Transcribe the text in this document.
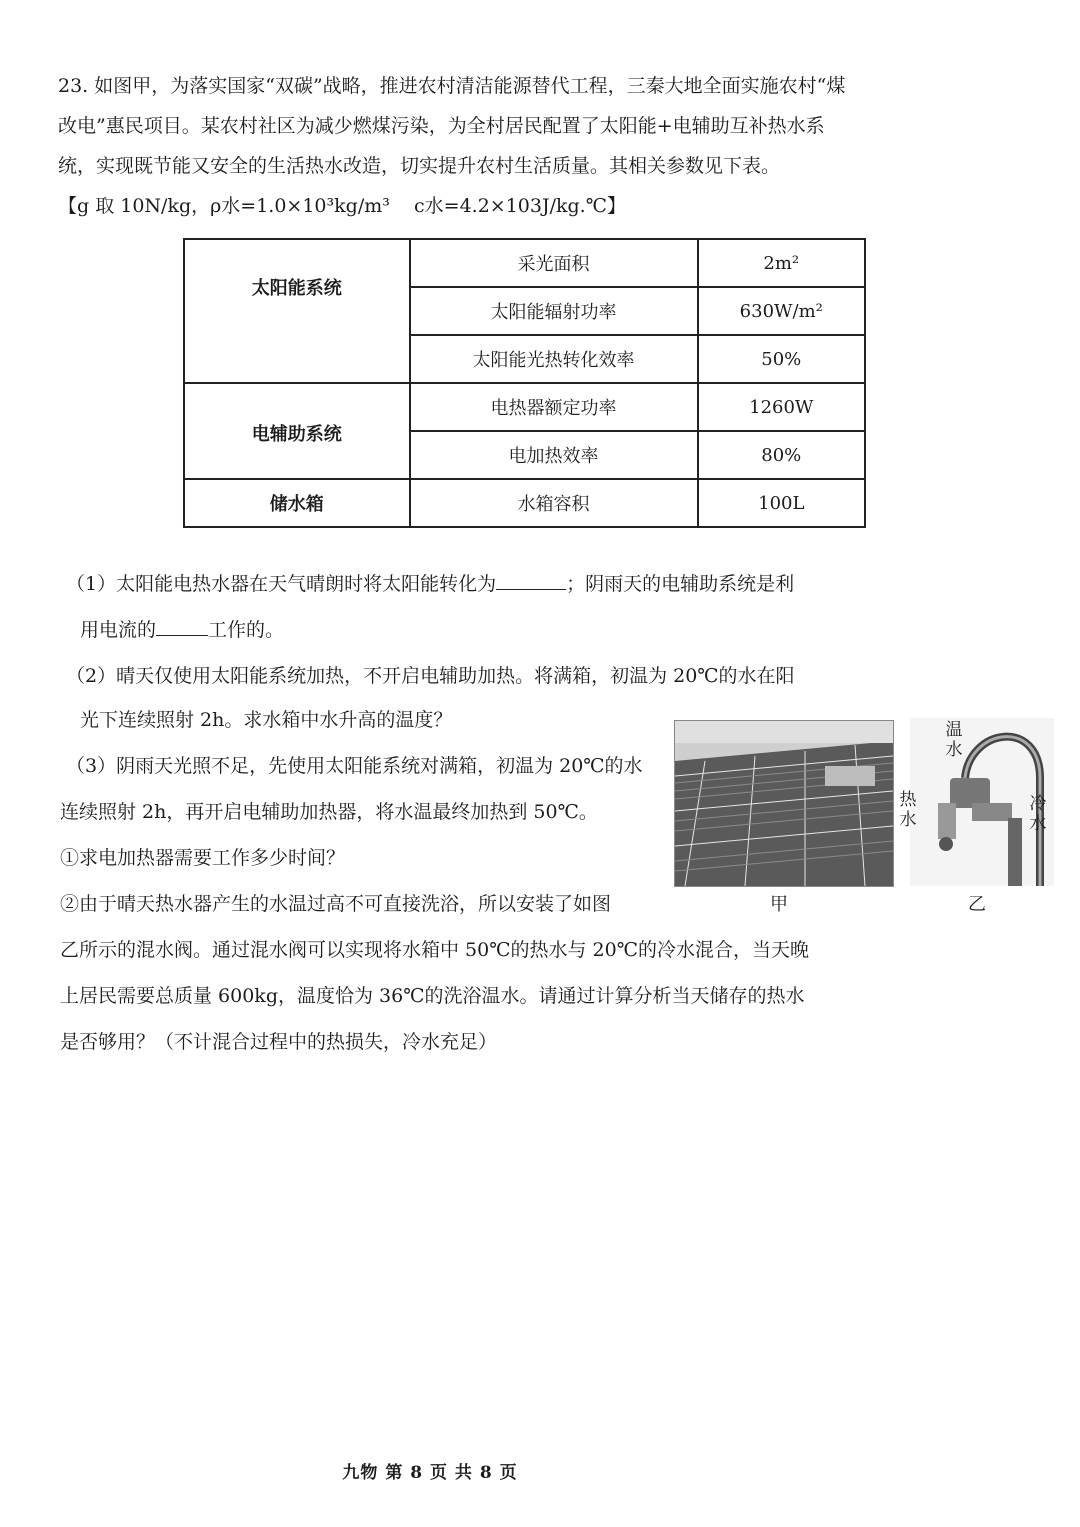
23. 如图甲，为落实国家“双碳”战略，推进农村清洁能源替代工程，三秦大地全面实施农村“煤改电”惠民项目。某农村社区为减少燃煤污染，为全村居民配置了太阳能+电辅助互补热水系统，实现既节能又安全的生活热水改造，切实提升农村生活质量。其相关参数见下表。
【g 取 10N/kg，ρ水=1.0×10³kg/m³    c水=4.2×103J/kg.℃】
太阳能系统	采光面积	2m²
	太阳能辐射功率	630W/m²
	太阳能光热转化效率	50%
电辅助系统	电热器额定功率	1260W
	电加热效率	80%
储水箱	水箱容积	100L
（1）太阳能电热水器在天气晴朗时将太阳能转化为	；阴雨天的电辅助系统是利
用电流的	工作的。
（2）晴天仅使用太阳能系统加热，不开启电辅助加热。将满箱，初温为 20℃的水在阳
光下连续照射 2h。求水箱中水升高的温度？
（3）阴雨天光照不足，先使用太阳能系统对满箱，初温为 20℃的水
连续照射 2h，再开启电辅助加热器，将水温最终加热到 50℃。
①求电加热器需要工作多少时间？
②由于晴天热水器产生的水温过高不可直接洗浴，所以安装了如图
乙所示的混水阀。通过混水阀可以实现将水箱中 50℃的热水与 20℃的冷水混合，当天晚
上居民需要总质量 600kg，温度恰为 36℃的洗浴温水。请通过计算分析当天储存的热水
是否够用？（不计混合过程中的热损失，冷水充足）
甲
温水
热水
冷水
乙
九物 第 8 页 共 8 页
